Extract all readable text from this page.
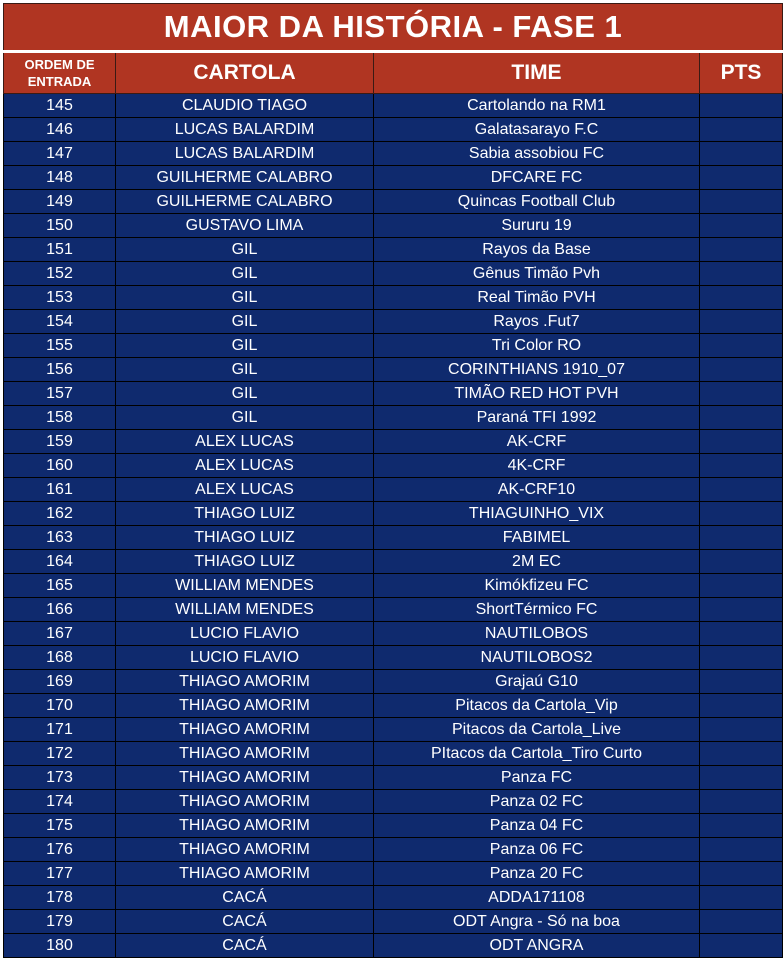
MAIOR DA HISTÓRIA - FASE 1			
ORDEM DE
ENTRADA	CARTOLA	TIME	PTS
145	CLAUDIO TIAGO	Cartolando na RM1	
146	LUCAS BALARDIM	Galatasarayo F.C	
147	LUCAS BALARDIM	Sabia assobiou FC	
148	GUILHERME CALABRO	DFCARE FC	
149	GUILHERME CALABRO	Quincas Football Club	
150	GUSTAVO LIMA	Sururu 19	
151	GIL	Rayos da Base	
152	GIL	Gênus Timão Pvh	
153	GIL	Real Timão PVH	
154	GIL	Rayos .Fut7	
155	GIL	Tri Color RO	
156	GIL	CORINTHIANS 1910_07	
157	GIL	TIMÃO RED HOT PVH	
158	GIL	Paraná TFI 1992	
159	ALEX LUCAS	AK-CRF	
160	ALEX LUCAS	4K-CRF	
161	ALEX LUCAS	AK-CRF10	
162	THIAGO LUIZ	THIAGUINHO_VIX	
163	THIAGO LUIZ	FABIMEL	
164	THIAGO LUIZ	2M EC	
165	WILLIAM MENDES	Kimókfizeu FC	
166	WILLIAM MENDES	ShortTérmico FC	
167	LUCIO FLAVIO	NAUTILOBOS	
168	LUCIO FLAVIO	NAUTILOBOS2	
169	THIAGO AMORIM	Grajaú G10	
170	THIAGO AMORIM	Pitacos da Cartola_Vip	
171	THIAGO AMORIM	Pitacos da Cartola_Live	
172	THIAGO AMORIM	PItacos da Cartola_Tiro Curto	
173	THIAGO AMORIM	Panza FC	
174	THIAGO AMORIM	Panza 02 FC	
175	THIAGO AMORIM	Panza 04 FC	
176	THIAGO AMORIM	Panza 06 FC	
177	THIAGO AMORIM	Panza 20 FC	
178	CACÁ	ADDA171108	
179	CACÁ	ODT Angra - Só na boa	
180	CACÁ	ODT ANGRA	
